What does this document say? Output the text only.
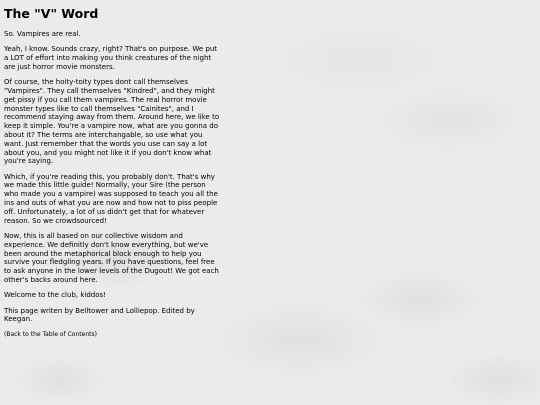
The "V" Word

So. Vampires are real.

Yeah, I know. Sounds crazy, right? That's on purpose. We put a LOT of effort into making you think creatures of the night are just horror movie monsters.

Of course, the hoity-toity types dont call themselves "Vampires". They call themselves "Kindred", and they might get pissy if you call them vampires. The real horror movie monster types like to call themselves "Cainites", and I recommend staying away from them. Around here, we like to keep it simple. You're a vampire now, what are you gonna do about it? The terms are interchangable, so use what you want. Just remember that the words you use can say a lot about you, and you might not like it if you don't know what you're saying.

Which, if you're reading this, you probably don't. That's why we made this little guide! Normally, your Sire (the person who made you a vampire) was supposed to teach you all the ins and outs of what you are now and how not to piss people off. Unfortunately, a lot of us didn't get that for whatever reason. So we crowdsourced!

Now, this is all based on our collective wisdom and experience. We definitly don't know everything, but we've been around the metaphorical block enough to help you survive your fledgling years. If you have questions, feel free to ask anyone in the lower levels of the Dugout! We got each other's backs around here.

Welcome to the club, kiddos!

This page writen by Belltower and Lolliepop. Edited by Keegan.

(Back to the Table of Contents)
